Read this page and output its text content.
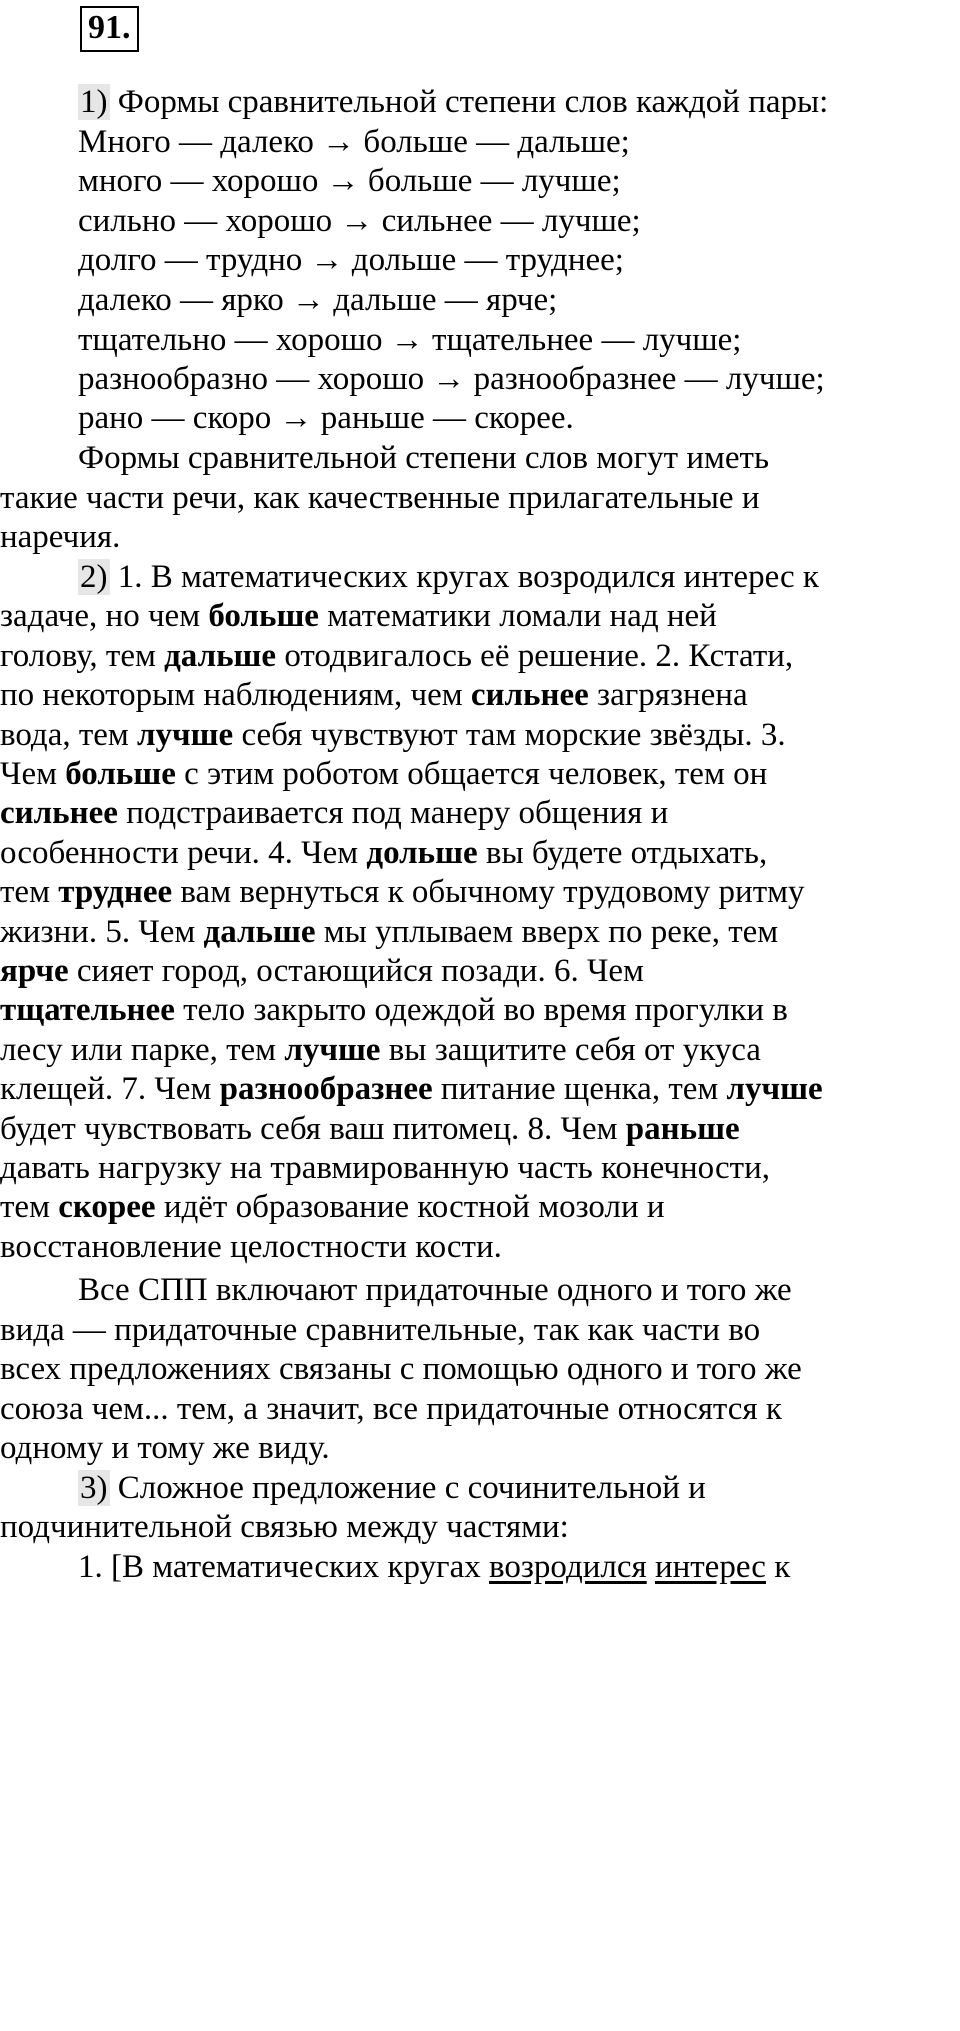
91.
1) Формы сравнительной степени слов каждой пары:
Много — далеко → больше — дальше;
много — хорошо → больше — лучше;
сильно — хорошо → сильнее — лучше;
долго — трудно → дольше — труднее;
далеко — ярко → дальше — ярче;
тщательно — хорошо → тщательнее — лучше;
разнообразно — хорошо → разнообразнее — лучше;
рано — скоро → раньше — скорее.
Формы сравнительной степени слов могут иметь
такие части речи, как качественные прилагательные и
наречия.
2) 1. В математических кругах возродился интерес к
задаче, но чем больше математики ломали над ней
голову, тем дальше отодвигалось её решение. 2. Кстати,
по некоторым наблюдениям, чем сильнее загрязнена
вода, тем лучше себя чувствуют там морские звёзды. 3.
Чем больше с этим роботом общается человек, тем он
сильнее подстраивается под манеру общения и
особенности речи. 4. Чем дольше вы будете отдыхать,
тем труднее вам вернуться к обычному трудовому ритму
жизни. 5. Чем дальше мы уплываем вверх по реке, тем
ярче сияет город, остающийся позади. 6. Чем
тщательнее тело закрыто одеждой во время прогулки в
лесу или парке, тем лучше вы защитите себя от укуса
клещей. 7. Чем разнообразнее питание щенка, тем лучше
будет чувствовать себя ваш питомец. 8. Чем раньше
давать нагрузку на травмированную часть конечности,
тем скорее идёт образование костной мозоли и
восстановление целостности кости.
Все СПП включают придаточные одного и того же
вида — придаточные сравнительные, так как части во
всех предложениях связаны с помощью одного и того же
союза чем... тем, а значит, все придаточные относятся к
одному и тому же виду.
3) Сложное предложение с сочинительной и
подчинительной связью между частями:
1. [В математических кругах возродился интерес к
